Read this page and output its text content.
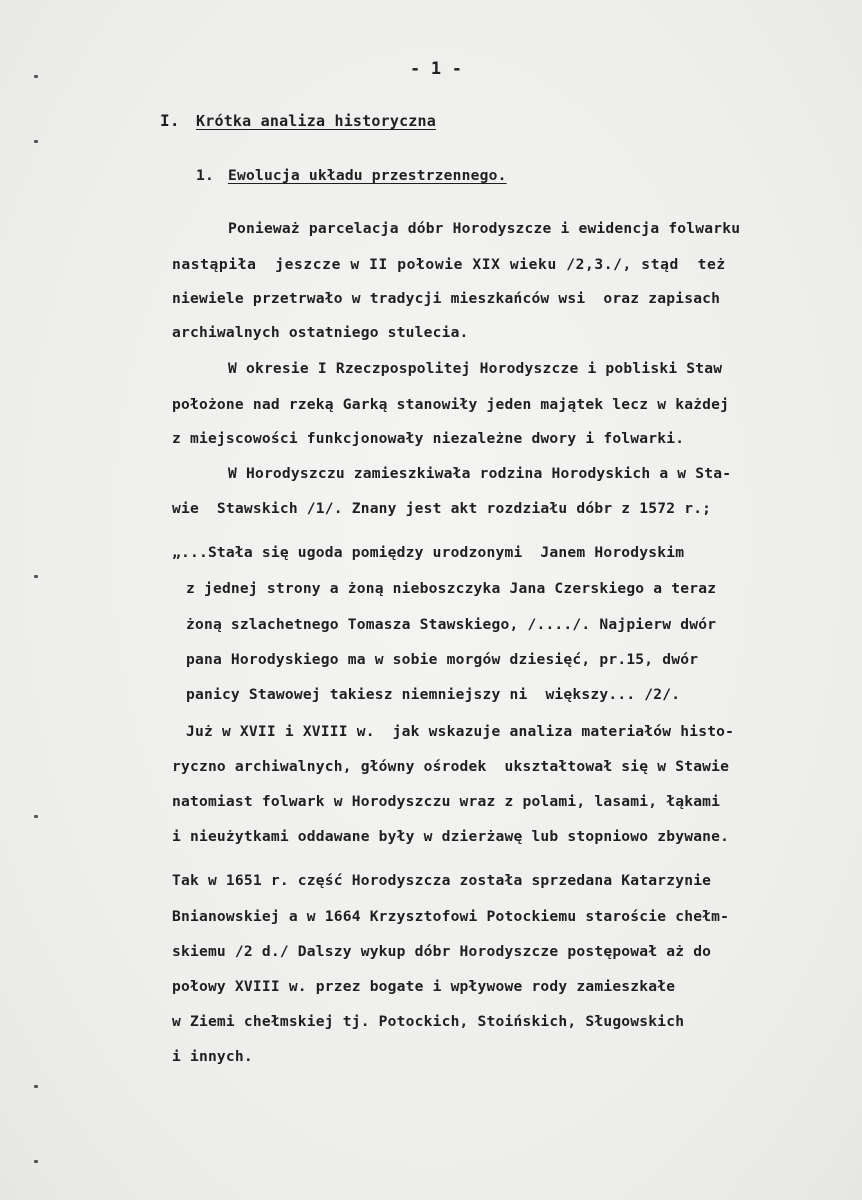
- 1 -
I. Krótka analiza historyczna
1. Ewolucja układu przestrzennego.
Ponieważ parcelacja dóbr Horodyszcze i ewidencja folwarku
nastąpiła  jeszcze w II połowie XIX wieku /2,3./, stąd  też
niewiele przetrwało w tradycji mieszkańców wsi  oraz zapisach
archiwalnych ostatniego stulecia.
W okresie I Rzeczpospolitej Horodyszcze i pobliski Staw
położone nad rzeką Garką stanowiły jeden majątek lecz w każdej
z miejscowości funkcjonowały niezależne dwory i folwarki.
W Horodyszczu zamieszkiwała rodzina Horodyskich a w Sta-
wie  Stawskich /1/. Znany jest akt rozdziału dóbr z 1572 r.;
„...Stała się ugoda pomiędzy urodzonymi  Janem Horodyskim
z jednej strony a żoną nieboszczyka Jana Czerskiego a teraz
żoną szlachetnego Tomasza Stawskiego, /..../. Najpierw dwór
pana Horodyskiego ma w sobie morgów dziesięć, pr.15, dwór
panicy Stawowej takiesz niemniejszy ni  większy... /2/.
Już w XVII i XVIII w.  jak wskazuje analiza materiałów histo-
ryczno archiwalnych, główny ośrodek  ukształtował się w Stawie
natomiast folwark w Horodyszczu wraz z polami, lasami, łąkami
i nieużytkami oddawane były w dzierżawę lub stopniowo zbywane.
Tak w 1651 r. część Horodyszcza została sprzedana Katarzynie
Bnianowskiej a w 1664 Krzysztofowi Potockiemu staroście chełm-
skiemu /2 d./ Dalszy wykup dóbr Horodyszcze postępował aż do
połowy XVIII w. przez bogate i wpływowe rody zamieszkałe
w Ziemi chełmskiej tj. Potockich, Stoińskich, Sługowskich
i innych.
